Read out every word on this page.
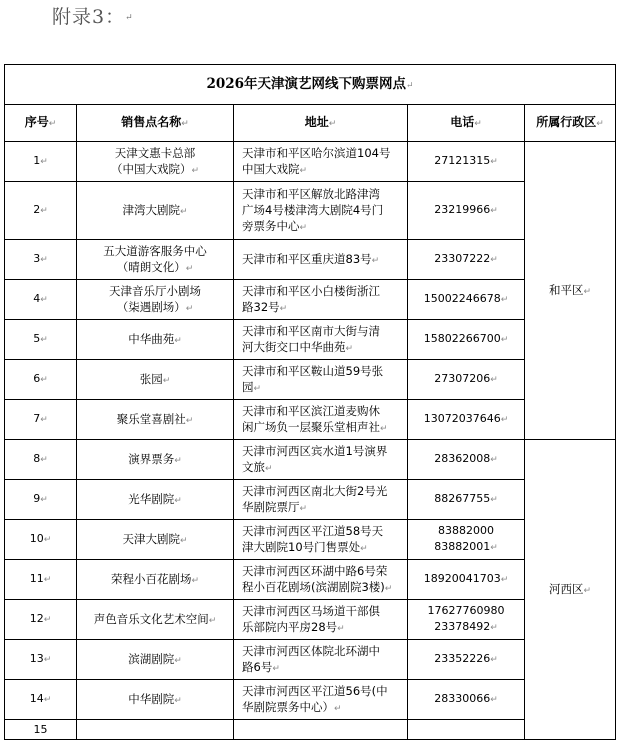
附录3：↵
2026年天津演艺网线下购票网点↵				
序号↵	销售点名称↵	地址↵	电话↵	所属行政区↵
1↵	天津文惠卡总部
（中国大戏院）↵	天津市和平区哈尔滨道104号
中国大戏院↵	27121315↵	和平区↵
2↵	津湾大剧院↵	天津市和平区解放北路津湾
广场4号楼津湾大剧院4号门
旁票务中心↵	23219966↵	
3↵	五大道游客服务中心
（晴朗文化）↵	天津市和平区重庆道83号↵	23307222↵	
4↵	天津音乐厅小剧场
（柒遇剧场）↵	天津市和平区小白楼街浙江
路32号↵	15002246678↵	
5↵	中华曲苑↵	天津市和平区南市大街与清
河大街交口中华曲苑↵	15802266700↵	
6↵	张园↵	天津市和平区鞍山道59号张
园↵	27307206↵	
7↵	聚乐堂喜剧社↵	天津市和平区滨江道麦购休
闲广场负一层聚乐堂相声社↵	13072037646↵	
8↵	演界票务↵	天津市河西区宾水道1号演界
文旅↵	28362008↵	河西区↵
9↵	光华剧院↵	天津市河西区南北大街2号光
华剧院票厅↵	88267755↵	
10↵	天津大剧院↵	天津市河西区平江道58号天
津大剧院10号门售票处↵	83882000
83882001↵	
11↵	荣程小百花剧场↵	天津市河西区环湖中路6号荣
程小百花剧场(滨湖剧院3楼)↵	18920041703↵	
12↵	声色音乐文化艺术空间↵	天津市河西区马场道干部俱
乐部院内平房28号↵	17627760980
23378492↵	
13↵	滨湖剧院↵	天津市河西区体院北环湖中
路6号↵	23352226↵	
14↵	中华剧院↵	天津市河西区平江道56号(中
华剧院票务中心）↵	28330066↵	
15				
